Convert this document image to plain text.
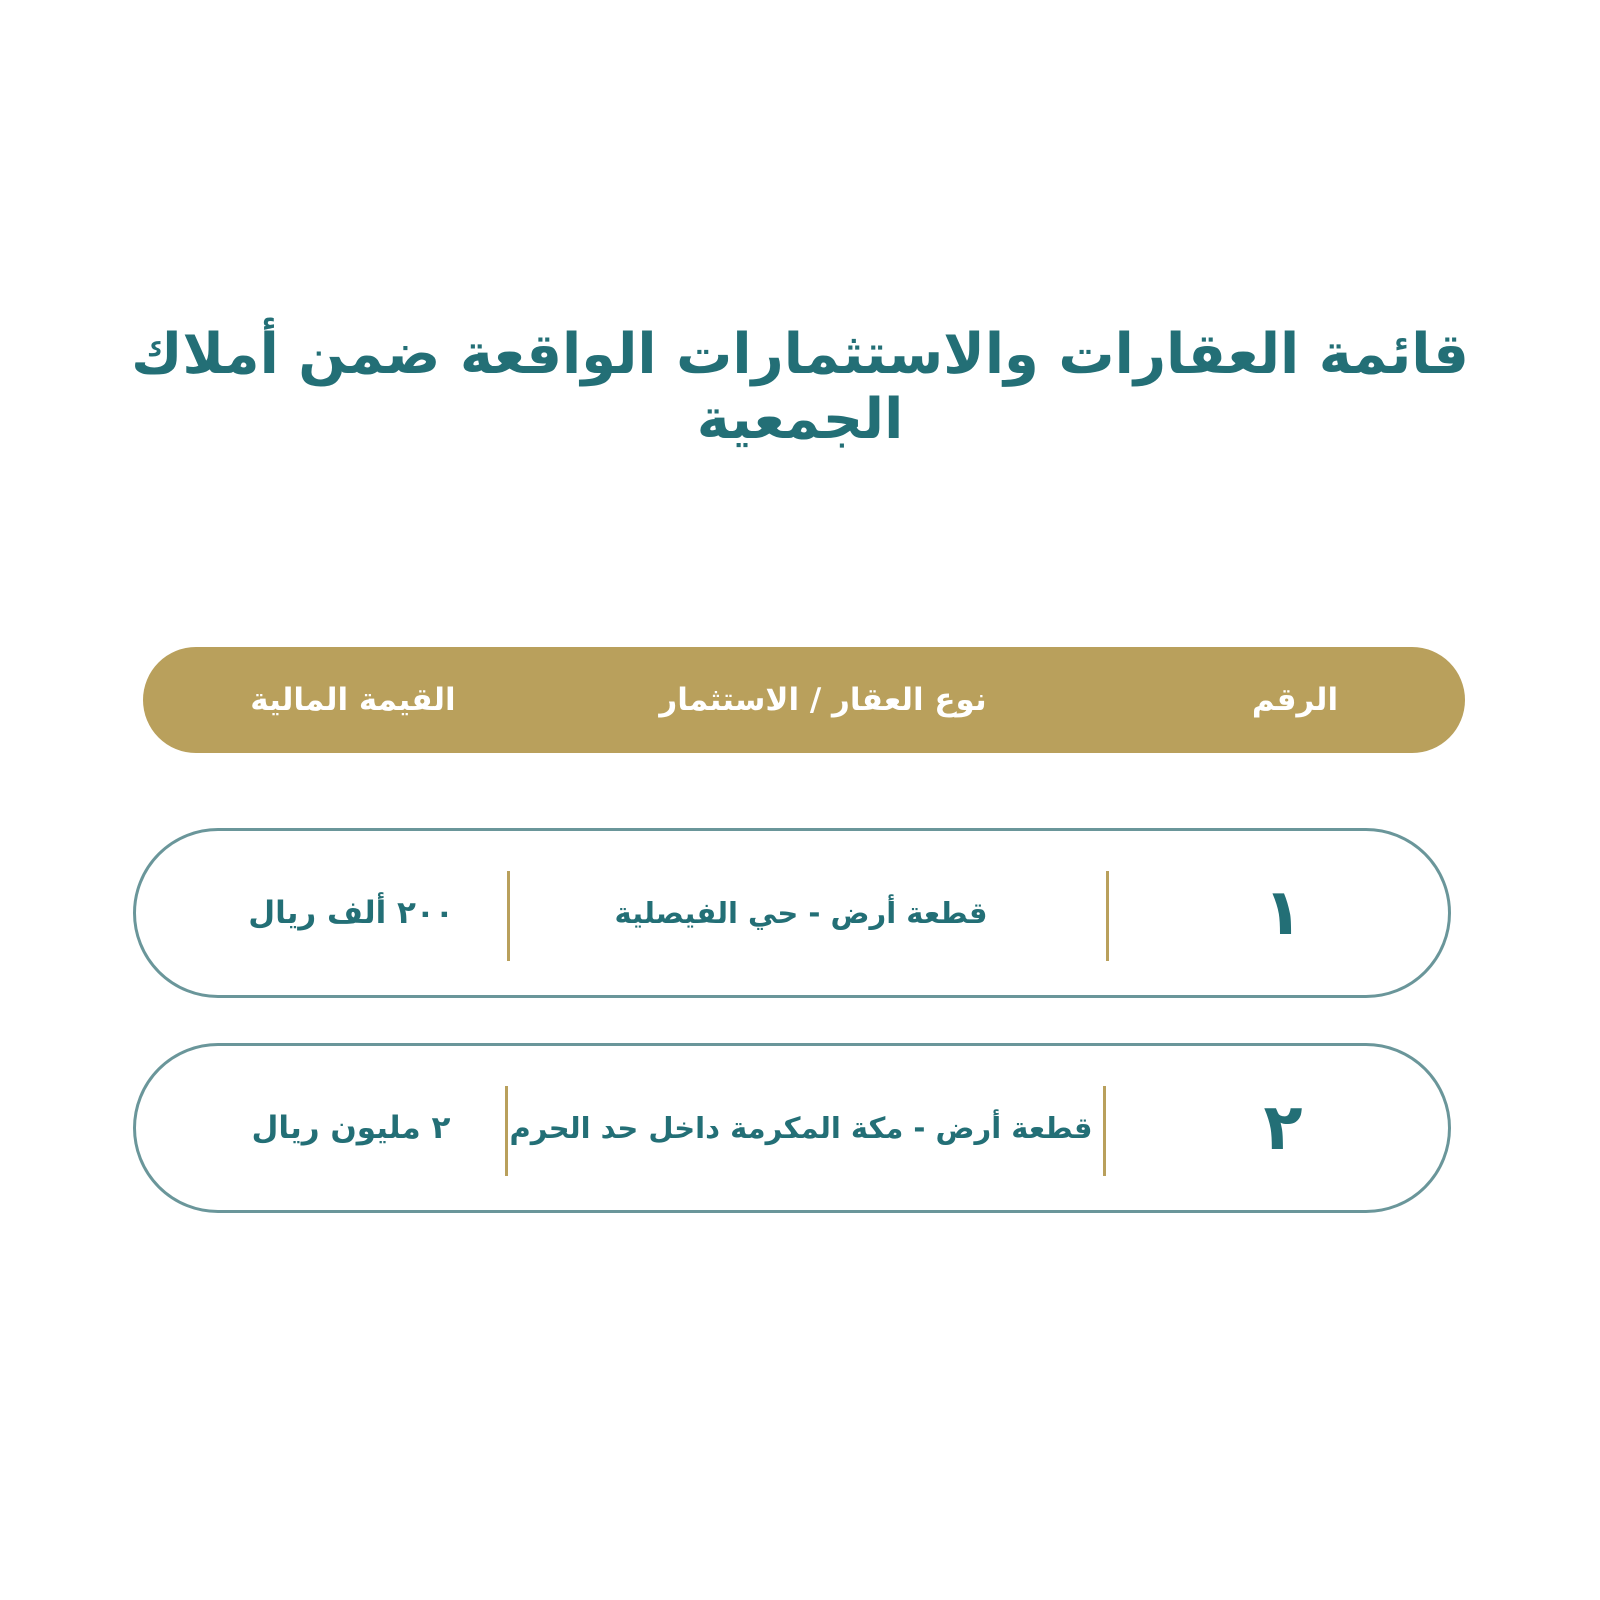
قائمة العقارات والاستثمارات الواقعة ضمن أملاك الجمعية
الرقم
نوع العقار / الاستثمار
القيمة المالية
١
قطعة أرض - حي الفيصلية
٢٠٠ ألف ريال
٢
قطعة أرض - مكة المكرمة داخل حد الحرم
٢ مليون ريال
